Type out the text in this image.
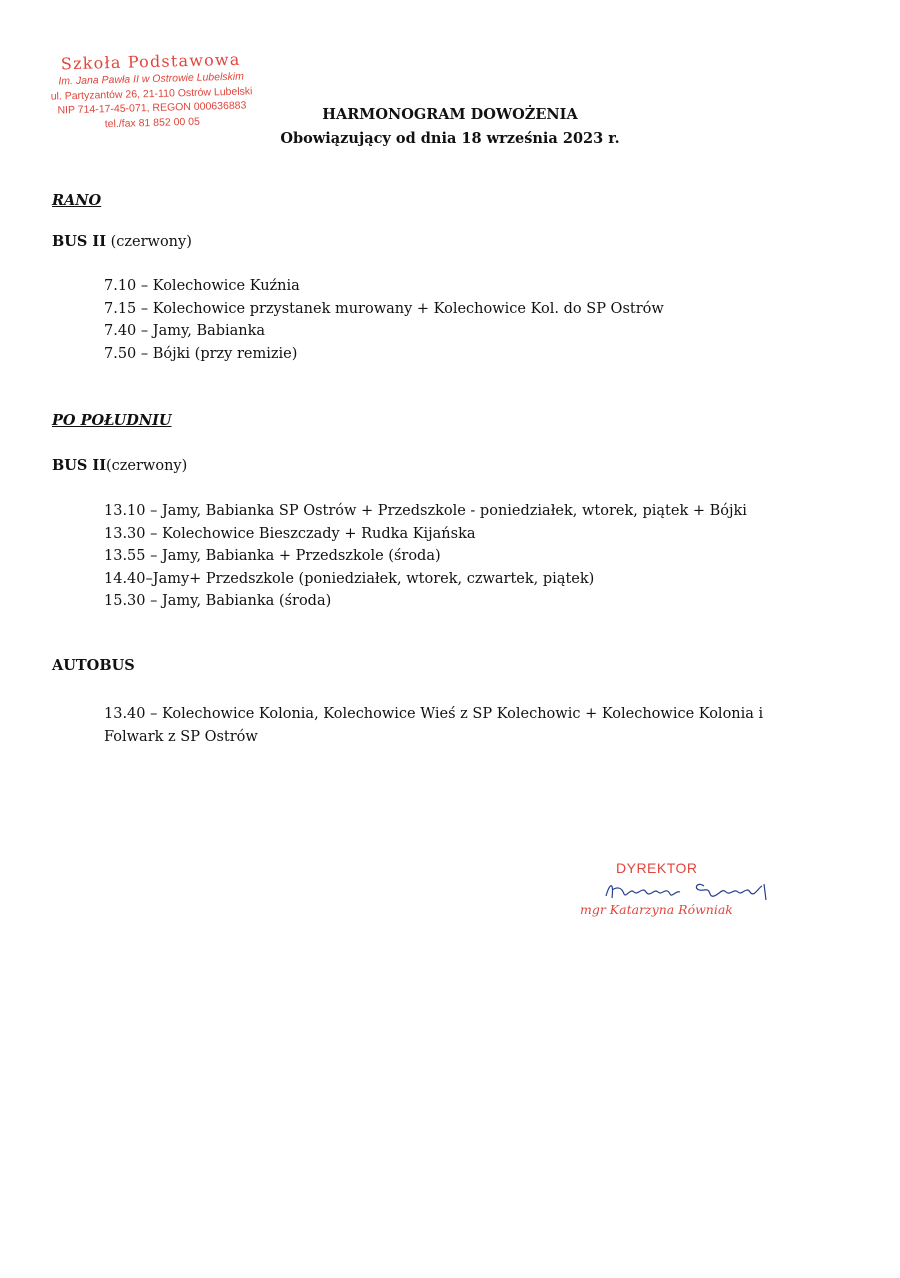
Szkoła Podstawowa
Im. Jana Pawła II w Ostrowie Lubelskim
ul. Partyzantów 26, 21-110 Ostrów Lubelski
NIP 714-17-45-071, REGON 000636883
tel./fax 81 852 00 05	HARMONOGRAM DOWOŻENIA
Obowiązujący od dnia 18 września 2023 r.
RANO
BUS II (czerwony)
7.10 – Kolechowice Kuźnia
7.15 – Kolechowice przystanek murowany + Kolechowice Kol. do SP Ostrów
7.40 – Jamy, Babianka
7.50 – Bójki (przy remizie)
PO POŁUDNIU
BUS II(czerwony)
13.10 – Jamy, Babianka SP Ostrów + Przedszkole - poniedziałek, wtorek, piątek + Bójki
13.30 – Kolechowice Bieszczady + Rudka Kijańska
13.55 – Jamy, Babianka + Przedszkole (środa)
14.40–Jamy+ Przedszkole (poniedziałek, wtorek, czwartek, piątek)
15.30 – Jamy, Babianka (środa)
AUTOBUS
13.40 – Kolechowice Kolonia, Kolechowice Wieś z SP Kolechowic + Kolechowice Kolonia i Folwark z SP Ostrów
DYREKTOR
mgr Katarzyna Równiak
